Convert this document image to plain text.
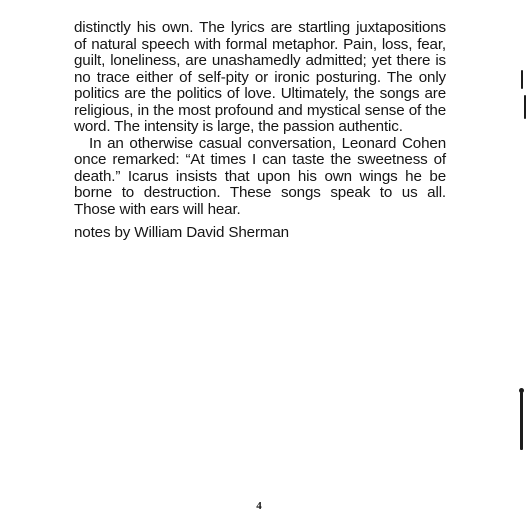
distinctly his own. The lyrics are startling juxtapositions of natural speech with formal metaphor. Pain, loss, fear, guilt, loneliness, are unashamedly admitted; yet there is no trace either of self-pity or ironic posturing. The only politics are the politics of love. Ultimately, the songs are religious, in the most profound and mystical sense of the word. The intensity is large, the passion authentic.

In an otherwise casual conversation, Leonard Cohen once remarked: “At times I can taste the sweetness of death.” Icarus insists that upon his own wings he be borne to destruction. These songs speak to us all. Those with ears will hear.

notes by William David Sherman

4
